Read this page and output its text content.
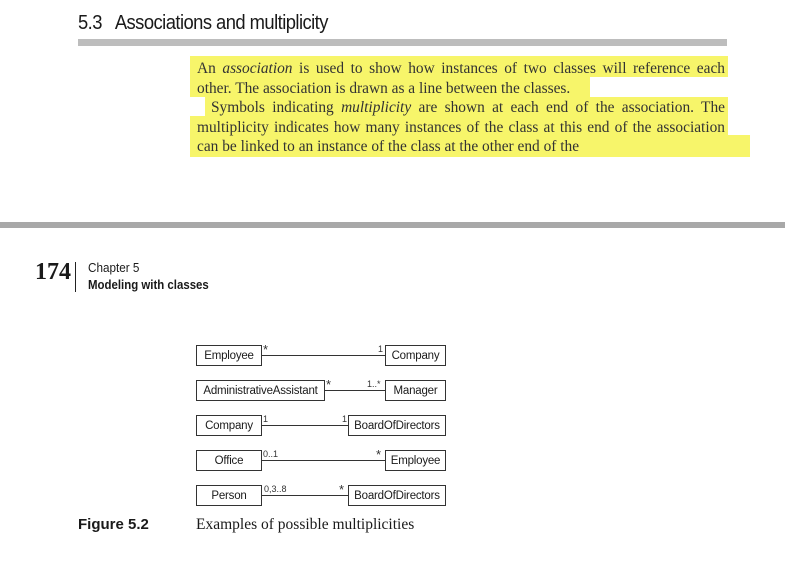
5.3 Associations and multiplicity

An association is used to show how instances of two classes will reference each other. The association is drawn as a line between the classes.

Symbols indicating multiplicity are shown at each end of the association. The multiplicity indicates how many instances of the class at this end of the association can be linked to an instance of the class at the other end of the

174 Chapter 5
Modeling with classes
Employee *	1
Company
AdministrativeAssistant *	1..*
Manager
Company
1	1
BoardOfDirectors
Office
0..1	* Employee
Person
0,3..8	* BoardOfDirectors
Figure 5.2	Examples of possible multiplicities
